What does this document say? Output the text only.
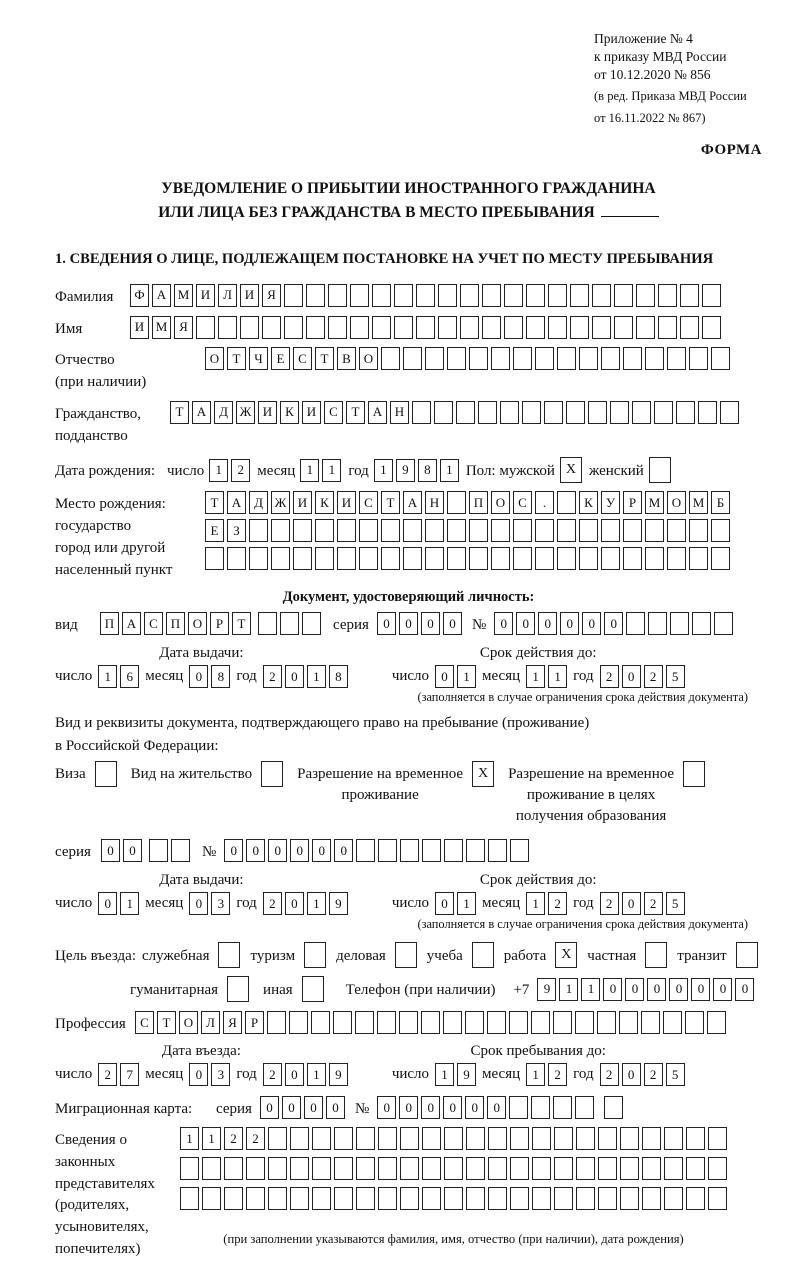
Приложение № 4
к приказу МВД России
от 10.12.2020 № 856
(в ред. Приказа МВД России
от 16.11.2022 № 867)
ФОРМА
УВЕДОМЛЕНИЕ О ПРИБЫТИИ ИНОСТРАННОГО ГРАЖДАНИНА
ИЛИ ЛИЦА БЕЗ ГРАЖДАНСТВА В МЕСТО ПРЕБЫВАНИЯ
1. СВЕДЕНИЯ О ЛИЦЕ, ПОДЛЕЖАЩЕМ ПОСТАНОВКЕ НА УЧЕТ ПО МЕСТУ ПРЕБЫВАНИЯ
Фамилия	Ф А М И Л И Я
Имя	И М Я
Отчество
(при наличии)
О	Т	Ч	Е	С	Т	В О
Гражданство,
подданство
Т	А Д Ж И К И С	Т	А Н
Дата рождения: число 1	2 месяц 1	1 год 1	9	8	1 Пол: мужской X женский
Место рождения:
государство
город или другой
населенный пункт
Т	А Д Ж И К И С	Т	А Н	П О С	.	К	У	Р М О М Б
Е	З
Документ, удостоверяющий личность:
вид	П А С П О	Р	Т	серия	0	0	0	0	№	0	0	0	0	0	0
Дата выдачи:
число 1	6 месяц 0	8 год 2	0	1	8
Срок действия до:
число 0	1 месяц 1	1 год 2	0	2	5
(заполняется в случае ограничения срока действия документа)
Вид и реквизиты документа, подтверждающего право на пребывание (проживание)
в Российской Федерации:
Виза	Вид на жительство	Разрешение на временное
проживание
X	Разрешение на временное
проживание в целях
получения образования
серия	0	0	№	0	0	0	0	0	0
Дата выдачи:
число 0	1 месяц 0	3 год 2	0	1	9
Срок действия до:
число 0	1 месяц 1	2 год 2	0	2	5
(заполняется в случае ограничения срока действия документа)
Цель въезда: служебная	туризм	деловая	учеба	работа	X	частная	транзит
гуманитарная	иная	Телефон (при наличии) +7	9	1	1	0	0	0	0	0	0	0
Профессия	С	Т	О Л	Я	Р
Дата въезда:
число 2	7 месяц 0	3 год 2	0	1	9
Срок пребывания до:
число 1	9 месяц 1	2 год 2	0	2	5
Миграционная карта:	серия	0	0	0	0	№	0	0	0	0	0	0
Сведения о
законных
представителях
(родителях,
усыновителях,
попечителях)
1	1	2	2
(при заполнении указываются фамилия, имя, отчество (при наличии), дата рождения)
